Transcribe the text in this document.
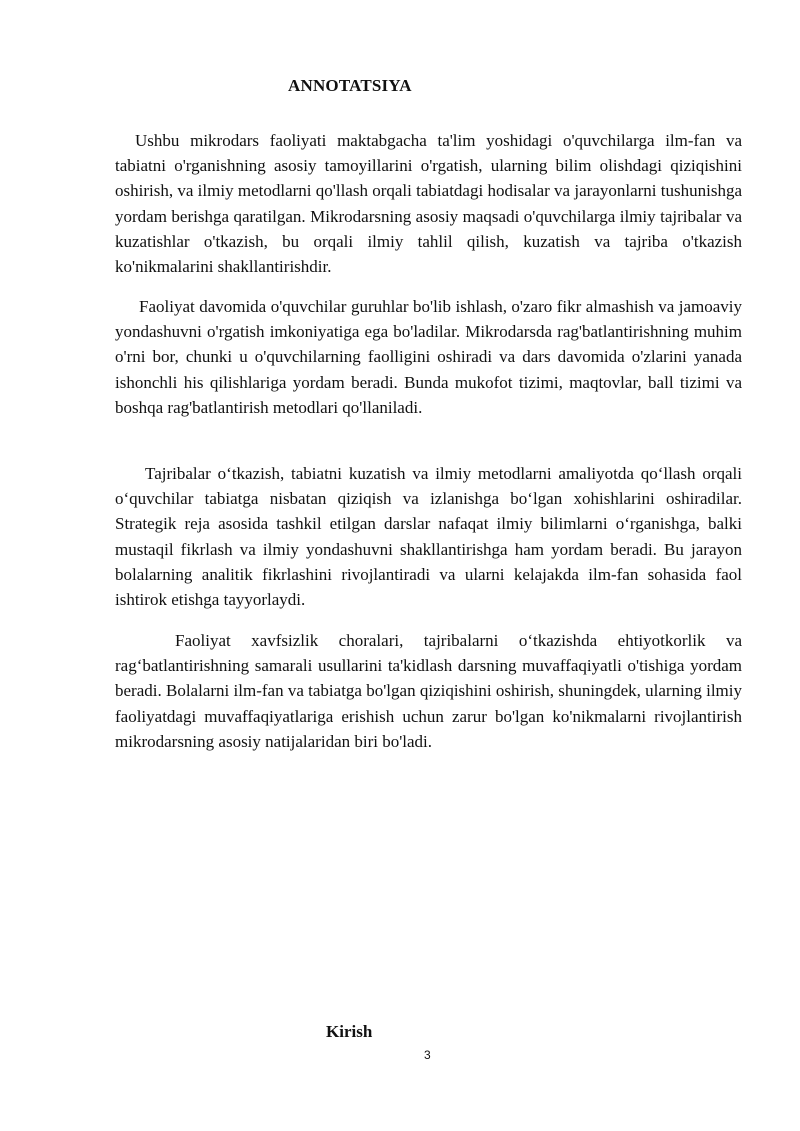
ANNOTATSIYA

Ushbu mikrodars faoliyati maktabgacha ta'lim yoshidagi o'quvchilarga ilm-fan va tabiatni o'rganishning asosiy tamoyillarini o'rgatish, ularning bilim olishdagi qiziqishini oshirish, va ilmiy metodlarni qo'llash orqali tabiatdagi hodisalar va jarayonlarni tushunishga yordam berishga qaratilgan. Mikrodarsning asosiy maqsadi o'quvchilarga ilmiy tajribalar va kuzatishlar o'tkazish, bu orqali ilmiy tahlil qilish, kuzatish va tajriba o'tkazish ko'nikmalarini shakllantirishdir.

Faoliyat davomida o'quvchilar guruhlar bo'lib ishlash, o'zaro fikr almashish va jamoaviy yondashuvni o'rgatish imkoniyatiga ega bo'ladilar. Mikrodarsda rag'batlantirishning muhim o'rni bor, chunki u o'quvchilarning faolligini oshiradi va dars davomida o'zlarini yanada ishonchli his qilishlariga yordam beradi. Bunda mukofot tizimi, maqtovlar, ball tizimi va boshqa rag'batlantirish metodlari qo'llaniladi.

Tajribalar o‘tkazish, tabiatni kuzatish va ilmiy metodlarni amaliyotda qo‘llash orqali o‘quvchilar tabiatga nisbatan qiziqish va izlanishga bo‘lgan xohishlarini oshiradilar. Strategik reja asosida tashkil etilgan darslar nafaqat ilmiy bilimlarni o‘rganishga, balki mustaqil fikrlash va ilmiy yondashuvni shakllantirishga ham yordam beradi. Bu jarayon bolalarning analitik fikrlashini rivojlantiradi va ularni kelajakda ilm-fan sohasida faol ishtirok etishga tayyorlaydi.

Faoliyat xavfsizlik choralari, tajribalarni o‘tkazishda ehtiyotkorlik va rag‘batlantirishning samarali usullarini ta'kidlash darsning muvaffaqiyatli o'tishiga yordam beradi. Bolalarni ilm-fan va tabiatga bo'lgan qiziqishini oshirish, shuningdek, ularning ilmiy faoliyatdagi muvaffaqiyatlariga erishish uchun zarur bo'lgan ko'nikmalarni rivojlantirish mikrodarsning asosiy natijalaridan biri bo'ladi.

Kirish
3
